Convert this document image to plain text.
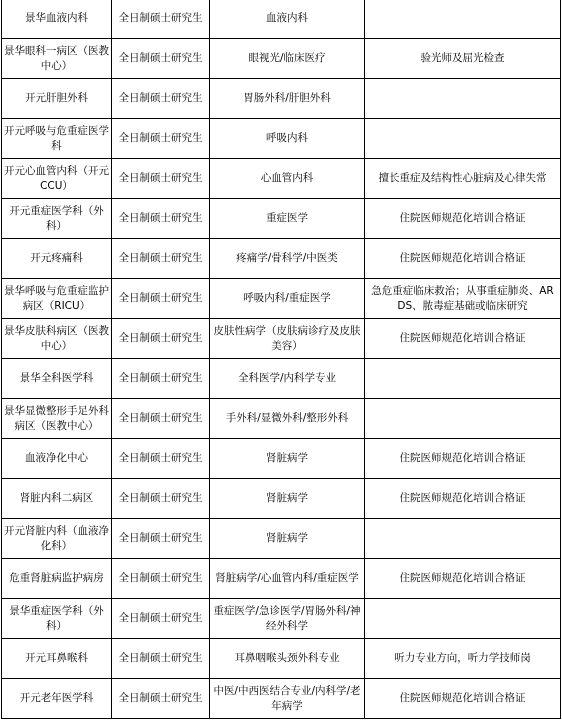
景华血液内科	全日制硕士研究生	血液内科	
景华眼科一病区（医教中心）	全日制硕士研究生	眼视光/临床医疗	验光师及屈光检查
开元肝胆外科	全日制硕士研究生	胃肠外科/肝胆外科	
开元呼吸与危重症医学科	全日制硕士研究生	呼吸内科	
开元心血管内科（开元CCU）	全日制硕士研究生	心血管内科	擅长重症及结构性心脏病及心律失常
开元重症医学科（外科）	全日制硕士研究生	重症医学	住院医师规范化培训合格证
开元疼痛科	全日制硕士研究生	疼痛学/骨科学/中医类	住院医师规范化培训合格证
景华呼吸与危重症监护病区（RICU）	全日制硕士研究生	呼吸内科/重症医学	急危重症临床救治；从事重症肺炎、ARDS、脓毒症基础或临床研究
景华皮肤科病区（医教中心）	全日制硕士研究生	皮肤性病学（皮肤病诊疗及皮肤美容）	住院医师规范化培训合格证
景华全科医学科	全日制硕士研究生	全科医学/内科学专业	
景华显微整形手足外科病区（医教中心）	全日制硕士研究生	手外科/显微外科/整形外科	
血液净化中心	全日制硕士研究生	肾脏病学	住院医师规范化培训合格证
肾脏内科二病区	全日制硕士研究生	肾脏病学	住院医师规范化培训合格证
开元肾脏内科（血液净化科）	全日制硕士研究生	肾脏病学	
危重肾脏病监护病房	全日制硕士研究生	肾脏病学/心血管内科/重症医学	住院医师规范化培训合格证
景华重症医学科（外科）	全日制硕士研究生	重症医学/急诊医学/胃肠外科/神经外科学	
开元耳鼻喉科	全日制硕士研究生	耳鼻咽喉头颈外科专业	听力专业方向，听力学技师岗
开元老年医学科	全日制硕士研究生	中医/中西医结合专业/内科学/老年病学	住院医师规范化培训合格证
